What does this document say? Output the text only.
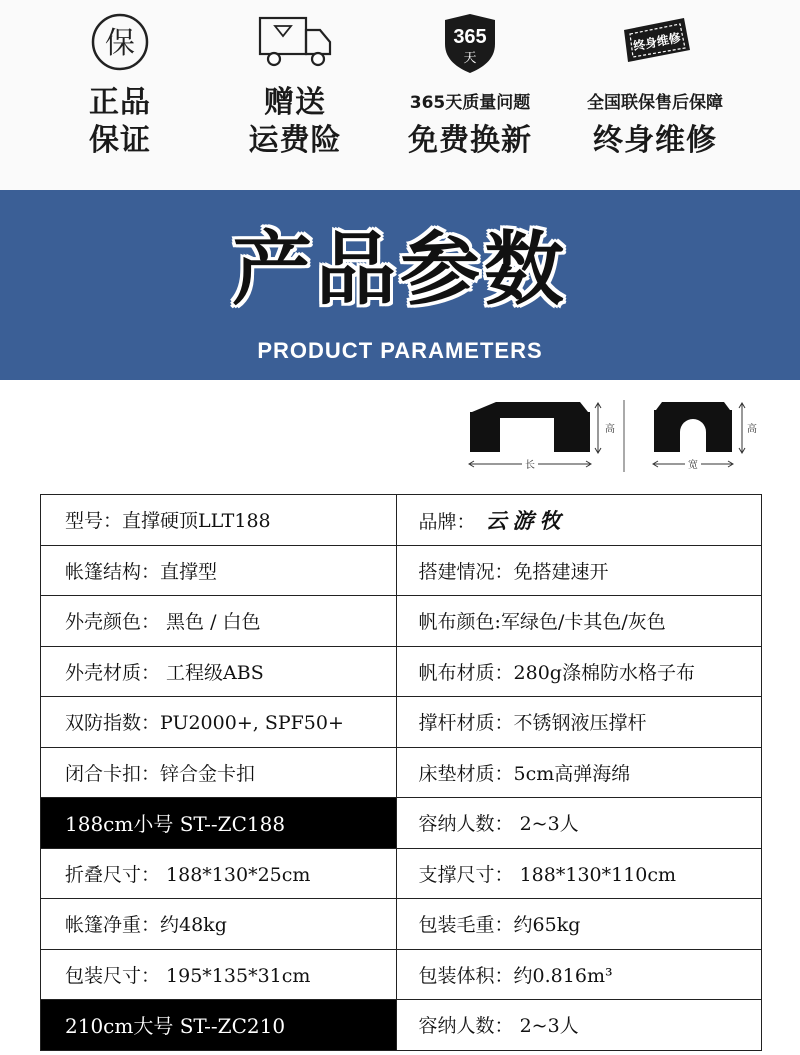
保
正品
保证
赠送
运费险
365
天
365天质量问题
免费换新
终身维修
全国联保售后保障
终身维修
产品参数
PRODUCT PARAMETERS
高
长
高
宽
型号：直撑硬顶LLT188	品牌： 云游牧
帐篷结构：直撑型	搭建情况：免搭建速开
外壳颜色： 黑色 / 白色	帆布颜色:军绿色/卡其色/灰色
外壳材质： 工程级ABS	帆布材质：280g涤棉防水格子布
双防指数：PU2000+, SPF50+	撑杆材质：不锈钢液压撑杆
闭合卡扣：锌合金卡扣	床垫材质：5cm高弹海绵
188cm小号 ST--ZC188	容纳人数： 2~3人
折叠尺寸： 188*130*25cm	支撑尺寸： 188*130*110cm
帐篷净重：约48kg	包装毛重：约65kg
包装尺寸： 195*135*31cm	包装体积：约0.816m³
210cm大号 ST--ZC210	容纳人数： 2~3人
